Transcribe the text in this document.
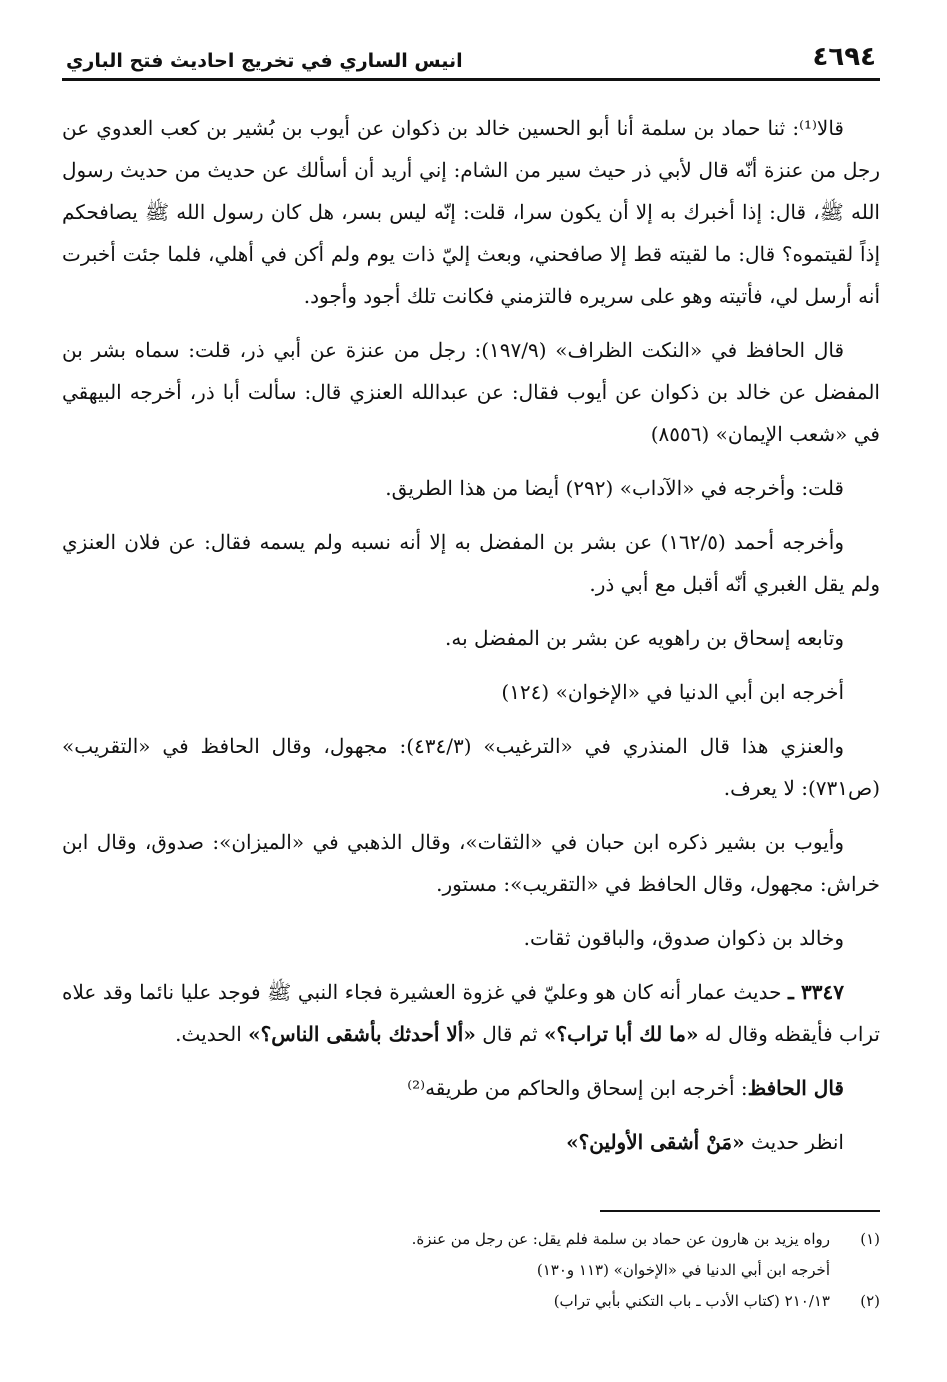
٤٦٩٤
انيس الساري في تخريج احاديث فتح الباري

قالا⁽¹⁾: ثنا حماد بن سلمة أنا أبو الحسين خالد بن ذكوان عن أيوب بن بُشير بن كعب العدوي عن رجل من عنزة أنّه قال لأبي ذر حيث سير من الشام: إني أريد أن أسألك عن حديث من حديث رسول الله ﷺ، قال: إذا أخبرك به إلا أن يكون سرا، قلت: إنّه ليس بسر، هل كان رسول الله ﷺ يصافحكم إذاً لقيتموه؟ قال: ما لقيته قط إلا صافحني، وبعث إليّ ذات يوم ولم أكن في أهلي، فلما جئت أخبرت أنه أرسل لي، فأتيته وهو على سريره فالتزمني فكانت تلك أجود وأجود.

قال الحافظ في «النكت الظراف» (١٩٧/٩): رجل من عنزة عن أبي ذر، قلت: سماه بشر بن المفضل عن خالد بن ذكوان عن أيوب فقال: عن عبدالله العنزي قال: سألت أبا ذر، أخرجه البيهقي في «شعب الإيمان» (٨٥٥٦)

قلت: وأخرجه في «الآداب» (٢٩٢) أيضا من هذا الطريق.

وأخرجه أحمد (١٦٢/٥) عن بشر بن المفضل به إلا أنه نسبه ولم يسمه فقال: عن فلان العنزي ولم يقل الغبري أنّه أقبل مع أبي ذر.

وتابعه إسحاق بن راهويه عن بشر بن المفضل به.

أخرجه ابن أبي الدنيا في «الإخوان» (١٢٤)

والعنزي هذا قال المنذري في «الترغيب» (٤٣٤/٣): مجهول، وقال الحافظ في «التقريب» (ص٧٣١): لا يعرف.

وأيوب بن بشير ذكره ابن حبان في «الثقات»، وقال الذهبي في «الميزان»: صدوق، وقال ابن خراش: مجهول، وقال الحافظ في «التقريب»: مستور.

وخالد بن ذكوان صدوق، والباقون ثقات.

٣٣٤٧ ـ حديث عمار أنه كان هو وعليّ في غزوة العشيرة فجاء النبي ﷺ فوجد عليا نائما وقد علاه تراب فأيقظه وقال له «ما لك أبا تراب؟» ثم قال «ألا أحدثك بأشقى الناس؟» الحديث.

قال الحافظ: أخرجه ابن إسحاق والحاكم من طريقه⁽²⁾

انظر حديث «مَنْ أشقى الأولين؟»

(١)
رواه يزيد بن هارون عن حماد بن سلمة فلم يقل: عن رجل من عنزة.
أخرجه ابن أبي الدنيا في «الإخوان» (١١٣ و١٣٠)
(٢)
٢١٠/١٣ (كتاب الأدب ـ باب التكني بأبي تراب)
